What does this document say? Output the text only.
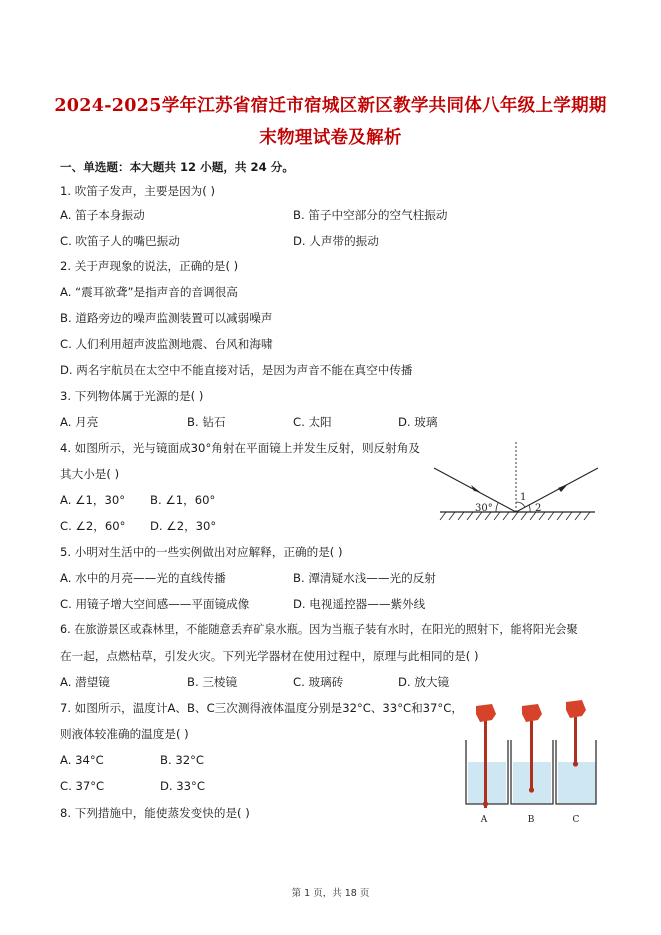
2024-2025学年江苏省宿迁市宿城区新区教学共同体八年级上学期期
末物理试卷及解析
一、单选题：本大题共 12 小题，共 24 分。
1. 吹笛子发声，主要是因为( )
A. 笛子本身振动	B. 笛子中空部分的空气柱振动
C. 吹笛子人的嘴巴振动	D. 人声带的振动
2. 关于声现象的说法，正确的是( )
A. “震耳欲聋”是指声音的音调很高
B. 道路旁边的噪声监测装置可以减弱噪声
C. 人们利用超声波监测地震、台风和海啸
D. 两名宇航员在太空中不能直接对话，是因为声音不能在真空中传播
3. 下列物体属于光源的是( )
A. 月亮	B. 钻石	C. 太阳	D. 玻璃
4. 如图所示，光与镜面成30°角射在平面镜上并发生反射，则反射角及
其大小是( )
A. ∠1，30° B. ∠1，60°
C. ∠2，60° D. ∠2，30°
30°
1
2
5. 小明对生活中的一些实例做出对应解释，正确的是( )
A. 水中的月亮——光的直线传播	B. 潭清疑水浅——光的反射
C. 用镜子增大空间感——平面镜成像	D. 电视遥控器——紫外线
6. 在旅游景区或森林里，不能随意丢弃矿泉水瓶。因为当瓶子装有水时，在阳光的照射下，能将阳光会聚
在一起，点燃枯草，引发火灾。下列光学器材在使用过程中，原理与此相同的是( )
A. 潜望镜	B. 三棱镜	C. 玻璃砖	D. 放大镜
7. 如图所示，温度计A、B、C三次测得液体温度分别是32°C、33°C和37°C，
则液体较准确的温度是( )
A. 34°C	B. 32°C
C. 37°C	D. 33°C
A	B	C
8. 下列措施中，能使蒸发变快的是( )
第 1 页，共 18 页
